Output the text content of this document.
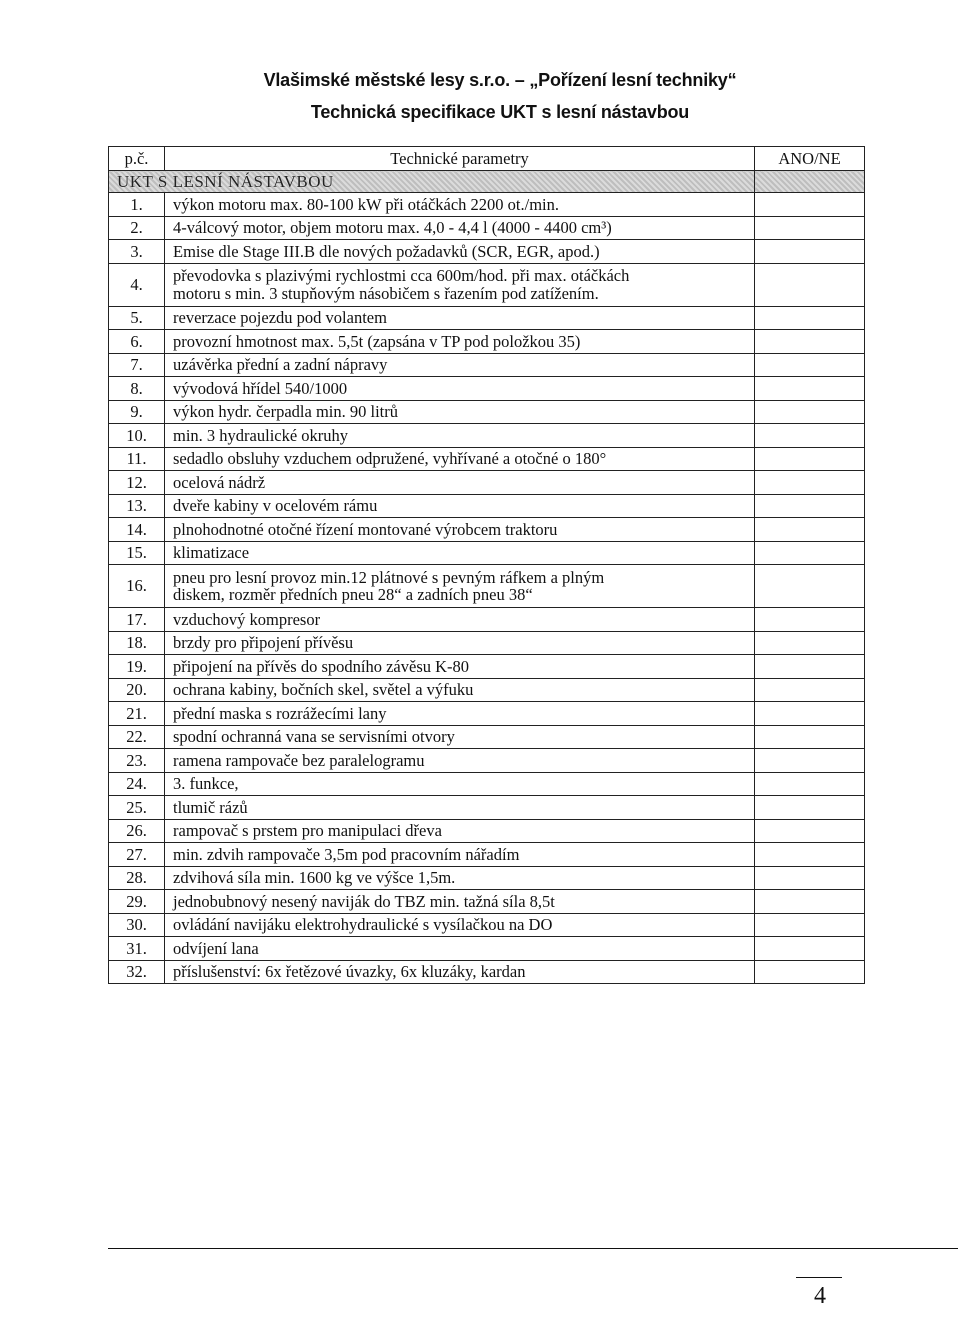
Vlašimské městské lesy s.r.o. – „Pořízení lesní techniky“
Technická specifikace UKT s lesní nástavbou
p.č.	Technické parametry	ANO/NE
UKT S LESNÍ NÁSTAVBOU		
1.	výkon motoru max. 80-100 kW při otáčkách 2200 ot./min.	
2.	4-válcový motor, objem motoru max. 4,0 - 4,4 l (4000 - 4400 cm³)	
3.	Emise dle Stage III.B dle nových požadavků (SCR, EGR, apod.)	
4.	převodovka s plazivými rychlostmi cca 600m/hod. při max. otáčkách
motoru s min. 3 stupňovým násobičem s řazením pod zatížením.	

5.	reverzace pojezdu pod volantem	
6.	provozní hmotnost max. 5,5t (zapsána v TP pod položkou 35)	
7.	uzávěrka přední a zadní nápravy	
8.	vývodová hřídel 540/1000	
9.	výkon hydr. čerpadla min. 90 litrů	
10.	min. 3 hydraulické okruhy	
11.	sedadlo obsluhy vzduchem odpružené, vyhřívané a otočné o 180°	
12.	ocelová nádrž	
13.	dveře kabiny v ocelovém rámu	
14.	plnohodnotné otočné řízení montované výrobcem traktoru	
15.	klimatizace	
16.	pneu pro lesní provoz min.12 plátnové s pevným ráfkem a plným
diskem, rozměr předních pneu 28“ a zadních pneu 38“	

17.	vzduchový kompresor	
18.	brzdy pro připojení přívěsu	
19.	připojení na přívěs do spodního závěsu K-80	
20.	ochrana kabiny, bočních skel, světel a výfuku	
21.	přední maska s rozrážecími lany	
22.	spodní ochranná vana se servisními otvory	
23.	ramena rampovače bez paralelogramu	
24.	3. funkce,	
25.	tlumič rázů	
26.	rampovač s prstem pro manipulaci dřeva	
27.	min. zdvih rampovače 3,5m pod pracovním nářadím	
28.	zdvihová síla min. 1600 kg ve výšce 1,5m.	
29.	jednobubnový nesený naviják do TBZ min. tažná síla 8,5t	
30.	ovládání navijáku elektrohydraulické s vysílačkou na DO	
31.	odvíjení lana	
32.	příslušenství: 6x řetězové úvazky, 6x kluzáky, kardan	
4
